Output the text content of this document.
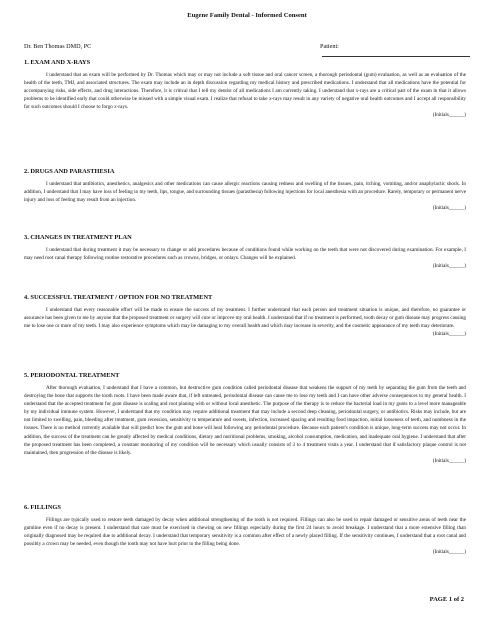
Eugene Family Dental - Informed Consent
Dr. Ben Thomas DMD, PC	Patient:
1. EXAM AND X-RAYS

I understand that an exam will be performed by Dr. Thomas which may or may not include a soft tissue and oral cancer screen, a thorough periodontal (gum) evaluation, as well as an evaluation of the health of the teeth, TMJ, and associated structures. The exam may include an in depth discussion regarding my medical history and prescribed medications. I understand that all medications have the potential for accompanying risks, side effects, and drug interactions. Therefore, it is critical that I tell my dentist of all medications I am currently taking. I understand that x-rays are a critical part of the exam in that it allows problems to be identified early that could otherwise be missed with a simple visual exam. I realize that refusal to take x-rays may result in any variety of negative oral health outcomes and I accept all responsibility for such outcomes should I choose to forgo x-rays.

(Initials______)
2. DRUGS AND PARASTHESIA

I understand that antibiotics, anesthetics, analgesics and other medications can cause allergic reactions causing redness and swelling of the tissues, pain, itching, vomiting, and/or anaphylactic shock. In addition, I understand that I may have loss of feeling in my teeth, lips, tongue, and surrounding tissues (parasthesia) following injections for local anesthesia with an procedure. Rarely, temporary or permanent nerve injury and loss of feeling may result from an injection.

(Initials______)
3. CHANGES IN TREATMENT PLAN

I understand that during treatment it may be necessary to change or add procedures because of conditions found while working on the teeth that were not discovered during examination. For example, I may need root canal therapy following routine restorative procedures such as crowns, bridges, or onlays. Changes will be explained.

(Initials______)
4. SUCCESSFUL TREATMENT / OPTION FOR NO TREATMENT

I understand that every reasonable effort will be made to ensure the success of my treatment. I further understand that each person and treatment situation is unique, and therefore, no guarantee or assurance has been given to me by anyone that the proposed treatment or surgery will cure or improve my oral health. I understand that if no treatment is performed, tooth decay or gum disease may progress causing me to lose one or more of my teeth. I may also experience symptoms which may be damaging to my overall health and which may increase in severity, and the cosmetic appearance of my teeth may deteriorate.

(Initials______)
5. PERIODONTAL TREATMENT

After thorough evaluation, I understand that I have a common, but destructive gum condition called periodontal disease that weakens the support of my teeth by separating the gum from the teeth and destroying the bone that supports the tooth roots. I have been made aware that, if left untreated, periodontal disease can cause me to lose my teeth and I can have other adverse consequences to my general health. I understand that the accepted treatment for gum disease is scaling and root planing with or without local anesthetic. The purpose of the therapy is to reduce the bacterial load in my gums to a level more manageable by my individual immune system. However, I understand that my condition may require additional treatment that may include a second deep cleaning, periodontal surgery, or antibiotics. Risks may include, but are not limited to swelling, pain, bleeding after treatment, gum recession, sensitivity to temperature and sweets, infection, increased spacing and resulting food impaction, initial looseness of teeth, and numbness in the tissues. There is no method currently available that will predict how the gum and bone will heal following any periodontal procedure. Because each patient's condition is unique, long-term success may not occur. In addition, the success of the treatment can be greatly affected by medical conditions, dietary and nutritional problems, smoking, alcohol consumption, medication, and inadequate oral hygiene. I understand that after the proposed treatment has been completed, a constant monitoring of my condition will be necessary which usually consists of 3 to 4 treatment visits a year. I understand that if satisfactory plaque control is not maintained, then progression of the disease is likely.

(Initials______)
6. FILLINGS

Fillings are typically used to restore teeth damaged by decay when additional strengthening of the tooth is not required. Fillings can also be used to repair damaged or sensitive areas of teeth near the gumline even if no decay is present. I understand that care must be exercised in chewing on new fillings especially during the first 24 hours to avoid breakage. I understand that a more extensive filling than originally diagnosed may be required due to additional decay. I understand that temporary sensitivity is a common after effect of a newly placed filling. If the sensitivity continues, I understand that a root canal and possibly a crown may be needed, even though the tooth may not have hurt prior to the filling being done.

(Initials______)
PAGE 1 of 2
